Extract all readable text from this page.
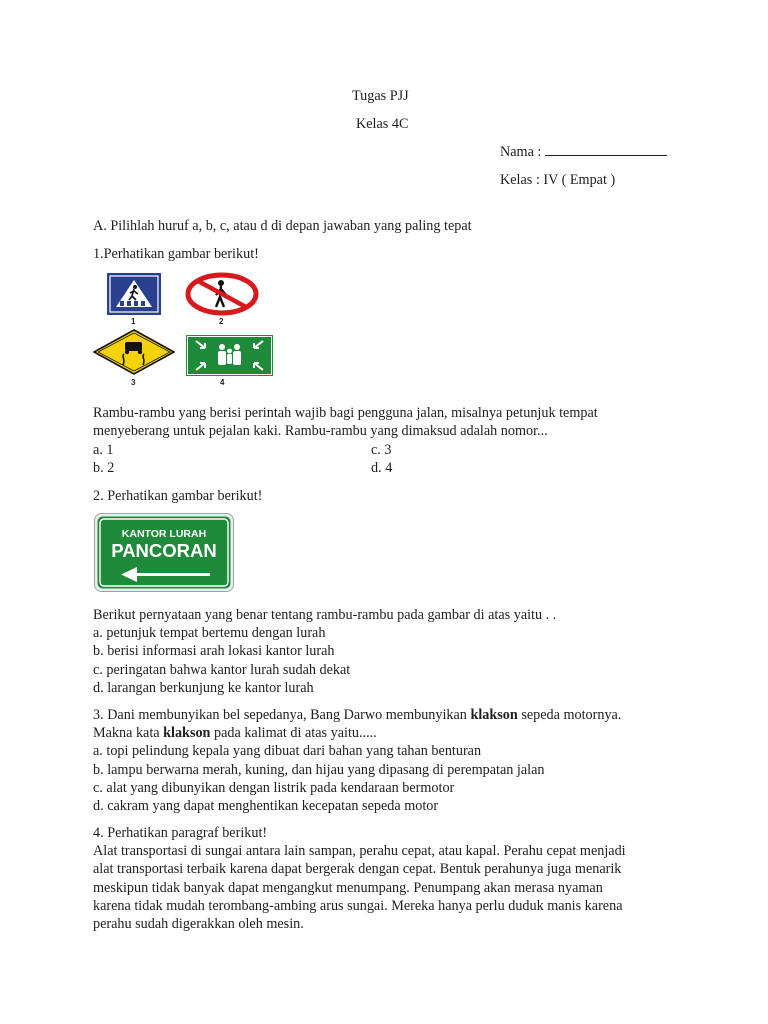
Tugas PJJ
Kelas 4C
Nama :
Kelas : IV ( Empat )
A. Pilihlah huruf a, b, c, atau d di depan jawaban yang paling tepat
1.Perhatikan gambar berikut!
1	2
3	4
Rambu-rambu yang berisi perintah wajib bagi pengguna jalan, misalnya petunjuk tempat
menyeberang untuk pejalan kaki. Rambu-rambu yang dimaksud adalah nomor...
a. 1
b. 2
c. 3
d. 4
2. Perhatikan gambar berikut!
KANTOR LURAH
PANCORAN
Berikut pernyataan yang benar tentang rambu-rambu pada gambar di atas yaitu . .
a. petunjuk tempat bertemu dengan lurah
b. berisi informasi arah lokasi kantor lurah
c. peringatan bahwa kantor lurah sudah dekat
d. larangan berkunjung ke kantor lurah
3. Dani membunyikan bel sepedanya, Bang Darwo membunyikan klakson sepeda motornya.
Makna kata klakson pada kalimat di atas yaitu.....
a. topi pelindung kepala yang dibuat dari bahan yang tahan benturan
b. lampu berwarna merah, kuning, dan hijau yang dipasang di perempatan jalan
c. alat yang dibunyikan dengan listrik pada kendaraan bermotor
d. cakram yang dapat menghentikan kecepatan sepeda motor
4. Perhatikan paragraf berikut!
Alat transportasi di sungai antara lain sampan, perahu cepat, atau kapal. Perahu cepat menjadi
alat transportasi terbaik karena dapat bergerak dengan cepat. Bentuk perahunya juga menarik
meskipun tidak banyak dapat mengangkut menumpang. Penumpang akan merasa nyaman
karena tidak mudah terombang-ambing arus sungai. Mereka hanya perlu duduk manis karena
perahu sudah digerakkan oleh mesin.
